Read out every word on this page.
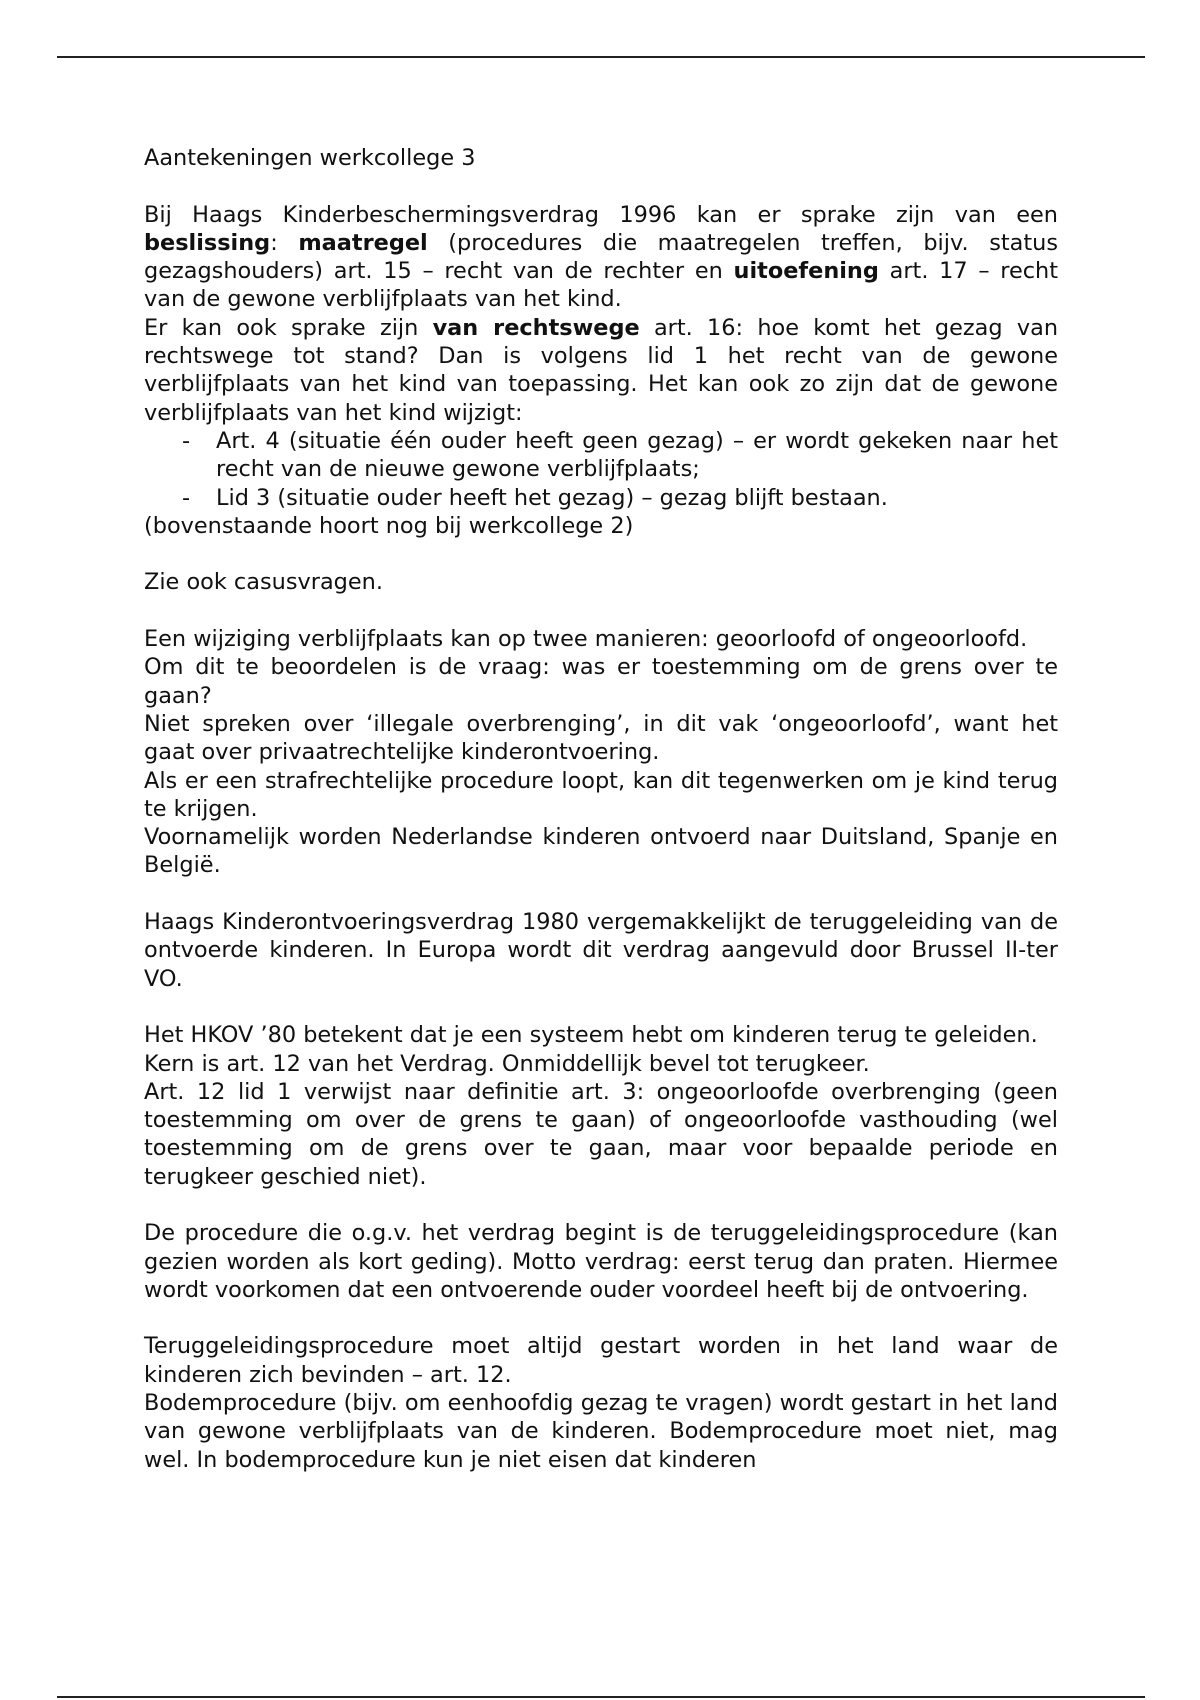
Aantekeningen werkcollege 3

Bij Haags Kinderbeschermingsverdrag 1996 kan er sprake zijn van een beslissing: maatregel (procedures die maatregelen treffen, bijv. status gezagshouders) art. 15 – recht van de rechter en uitoefening art. 17 – recht van de gewone verblijfplaats van het kind.

Er kan ook sprake zijn van rechtswege art. 16: hoe komt het gezag van rechtswege tot stand? Dan is volgens lid 1 het recht van de gewone verblijfplaats van het kind van toepassing. Het kan ook zo zijn dat de gewone verblijfplaats van het kind wijzigt:

- Art. 4 (situatie één ouder heeft geen gezag) – er wordt gekeken naar het recht van de nieuwe gewone verblijfplaats;
- Lid 3 (situatie ouder heeft het gezag) – gezag blijft bestaan.

(bovenstaande hoort nog bij werkcollege 2)

Zie ook casusvragen.

Een wijziging verblijfplaats kan op twee manieren: geoorloofd of ongeoorloofd.

Om dit te beoordelen is de vraag: was er toestemming om de grens over te gaan?

Niet spreken over ‘illegale overbrenging’, in dit vak ‘ongeoorloofd’, want het gaat over privaatrechtelijke kinderontvoering.

Als er een strafrechtelijke procedure loopt, kan dit tegenwerken om je kind terug te krijgen.

Voornamelijk worden Nederlandse kinderen ontvoerd naar Duitsland, Spanje en België.

Haags Kinderontvoeringsverdrag 1980 vergemakkelijkt de teruggeleiding van de ontvoerde kinderen. In Europa wordt dit verdrag aangevuld door Brussel II-ter VO.

Het HKOV ’80 betekent dat je een systeem hebt om kinderen terug te geleiden.

Kern is art. 12 van het Verdrag. Onmiddellijk bevel tot terugkeer.

Art. 12 lid 1 verwijst naar definitie art. 3: ongeoorloofde overbrenging (geen toestemming om over de grens te gaan) of ongeoorloofde vasthouding (wel toestemming om de grens over te gaan, maar voor bepaalde periode en terugkeer geschied niet).

De procedure die o.g.v. het verdrag begint is de teruggeleidingsprocedure (kan gezien worden als kort geding). Motto verdrag: eerst terug dan praten. Hiermee wordt voorkomen dat een ontvoerende ouder voordeel heeft bij de ontvoering.

Teruggeleidingsprocedure moet altijd gestart worden in het land waar de kinderen zich bevinden – art. 12.

Bodemprocedure (bijv. om eenhoofdig gezag te vragen) wordt gestart in het land van gewone verblijfplaats van de kinderen. Bodemprocedure moet niet, mag wel. In bodemprocedure kun je niet eisen dat kinderen
